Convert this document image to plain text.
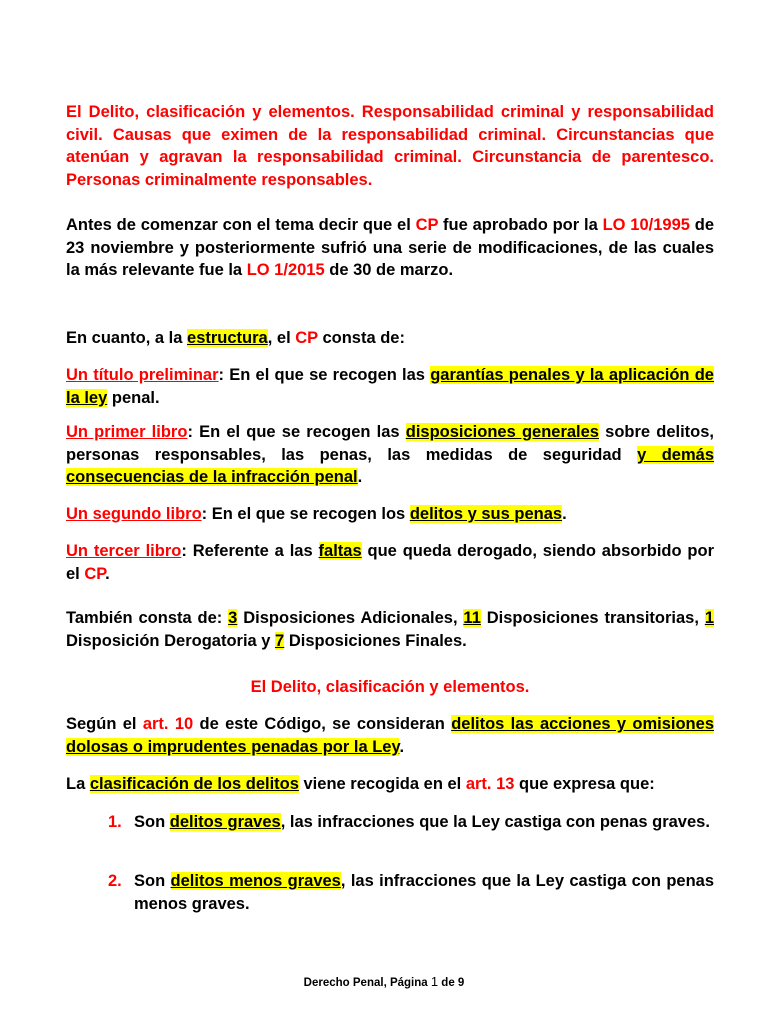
El Delito, clasificación y elementos. Responsabilidad criminal y responsabilidad civil. Causas que eximen de la responsabilidad criminal. Circunstancias que atenúan y agravan la responsabilidad criminal. Circunstancia de parentesco. Personas criminalmente responsables.

Antes de comenzar con el tema decir que el CP fue aprobado por la LO 10/1995 de 23 noviembre y posteriormente sufrió una serie de modificaciones, de las cuales la más relevante fue la LO 1/2015 de 30 de marzo.

En cuanto, a la estructura, el CP consta de:

Un título preliminar: En el que se recogen las garantías penales y la aplicación de la ley penal.

Un primer libro: En el que se recogen las disposiciones generales sobre delitos, personas responsables, las penas, las medidas de seguridad y demás consecuencias de la infracción penal.

Un segundo libro: En el que se recogen los delitos y sus penas.

Un tercer libro: Referente a las faltas que queda derogado, siendo absorbido por el CP.

También consta de: 3 Disposiciones Adicionales, 11 Disposiciones transitorias, 1 Disposición Derogatoria y 7 Disposiciones Finales.

El Delito, clasificación y elementos.

Según el art. 10 de este Código, se consideran delitos las acciones y omisiones dolosas o imprudentes penadas por la Ley.

La clasificación de los delitos viene recogida en el art. 13 que expresa que:

1. Son delitos graves, las infracciones que la Ley castiga con penas graves.

2. Son delitos menos graves, las infracciones que la Ley castiga con penas menos graves.

Derecho Penal, Página 1 de 9
